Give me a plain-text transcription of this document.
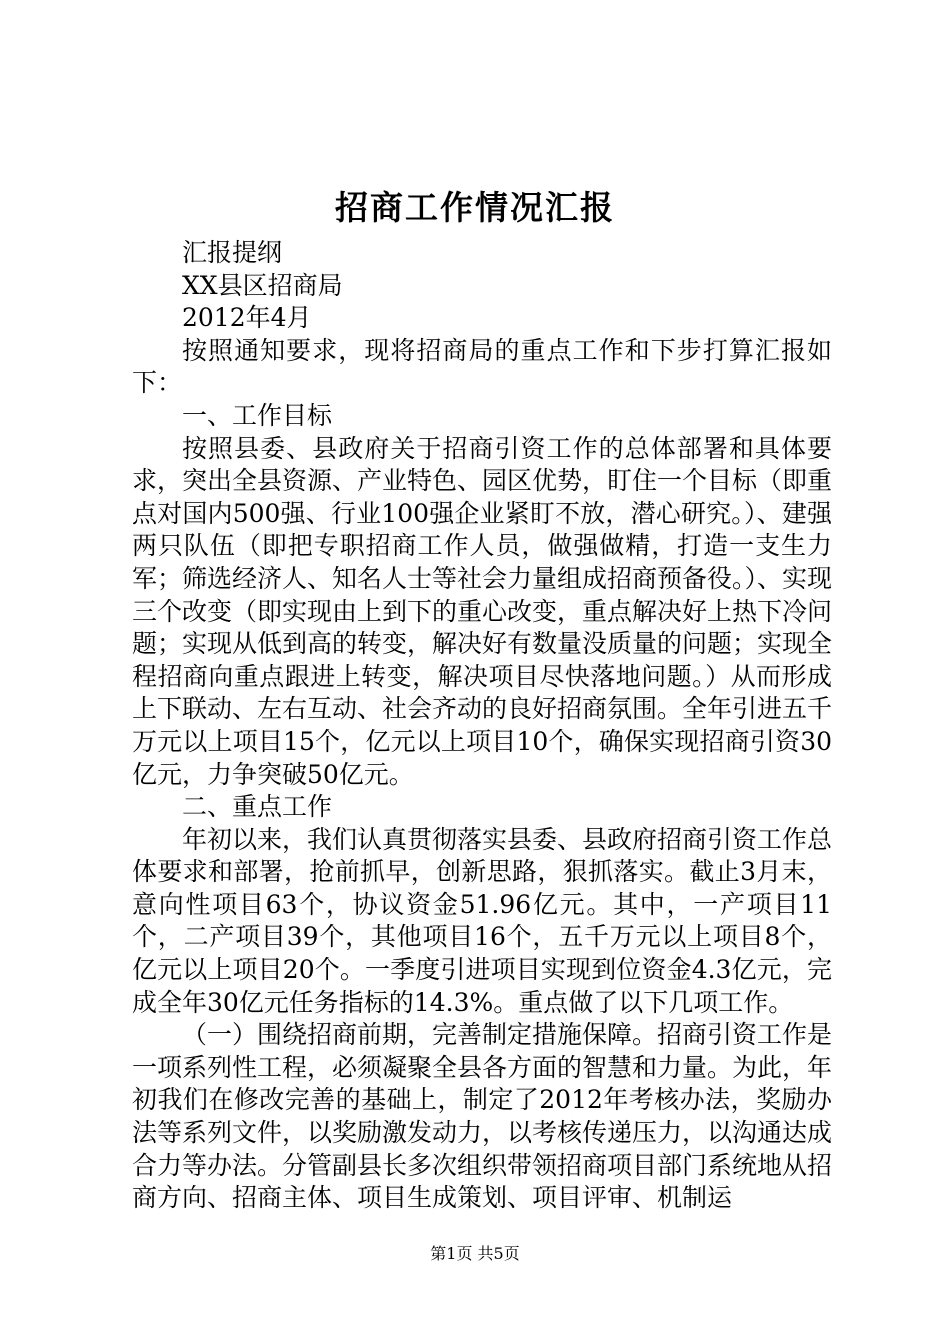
招商工作情况汇报

汇报提纲

XX县区招商局

2012年4月

按照通知要求，现将招商局的重点工作和下步打算汇报如下：

一、工作目标

按照县委、县政府关于招商引资工作的总体部署和具体要求，突出全县资源、产业特色、园区优势，盯住一个目标（即重点对国内500强、行业100强企业紧盯不放，潜心研究。）、建强两只队伍（即把专职招商工作人员，做强做精，打造一支生力军；筛选经济人、知名人士等社会力量组成招商预备役。）、实现三个改变（即实现由上到下的重心改变，重点解决好上热下冷问题；实现从低到高的转变，解决好有数量没质量的问题；实现全程招商向重点跟进上转变，解决项目尽快落地问题。）从而形成上下联动、左右互动、社会齐动的良好招商氛围。全年引进五千万元以上项目15个，亿元以上项目10个，确保实现招商引资30亿元，力争突破50亿元。

二、重点工作

年初以来，我们认真贯彻落实县委、县政府招商引资工作总体要求和部署，抢前抓早，创新思路，狠抓落实。截止3月末，意向性项目63个，协议资金51.96亿元。其中，一产项目11个，二产项目39个，其他项目16个，五千万元以上项目8个，亿元以上项目20个。一季度引进项目实现到位资金4.3亿元，完成全年30亿元任务指标的14.3%。重点做了以下几项工作。

（一）围绕招商前期，完善制定措施保障。招商引资工作是一项系列性工程，必须凝聚全县各方面的智慧和力量。为此，年初我们在修改完善的基础上，制定了2012年考核办法，奖励办法等系列文件，以奖励激发动力，以考核传递压力，以沟通达成合力等办法。分管副县长多次组织带领招商项目部门系统地从招商方向、招商主体、项目生成策划、项目评审、机制运

第1页 共5页
